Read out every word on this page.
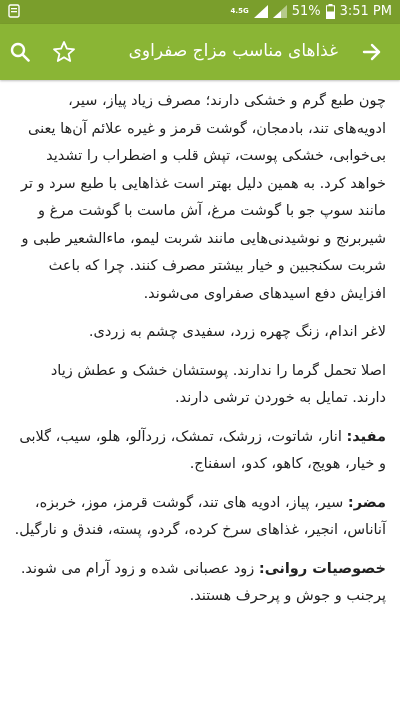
4.5G	51% 3:51 PM
غذاهای مناسب مزاج صفراوی

چون طبع گرم و خشکی دارند؛ مصرف زیاد پیاز، سیر، ادویه‌های تند، بادمجان، گوشت قرمز و غیره علائم آن‌ها یعنی بی‌خوابی، خشکی پوست، تپش قلب و اضطراب را تشدید خواهد کرد. به همین دلیل بهتر است غذاهایی با طبع سرد و تر مانند سوپ جو با گوشت مرغ، آش ماست با گوشت مرغ و شیربرنج و نوشیدنی‌هایی مانند شربت لیمو، ماءالشعیر طبی و شربت سکنجبین و خیار بیشتر مصرف کنند. چرا که باعث افزایش دفع اسیدهای صفراوی می‌شوند.

لاغر اندام، زنگ چهره زرد، سفیدی چشم به زردی.

اصلا تحمل گرما را ندارند. پوستشان خشک و عطش زیاد دارند. تمایل به خوردن ترشی دارند.

مفید: انار، شاتوت، زرشک، تمشک، زردآلو، هلو، سیب، گلابی و خیار، هویج، کاهو، کدو، اسفناج.

مضر: سیر، پیاز، ادویه های تند، گوشت قرمز، موز، خربزه، آناناس، انجیر، غذاهای سرخ کرده، گردو، پسته، فندق و نارگیل.

خصوصیات روانی: زود عصبانی شده و زود آرام می شوند. پرجنب و جوش و پرحرف هستند.
